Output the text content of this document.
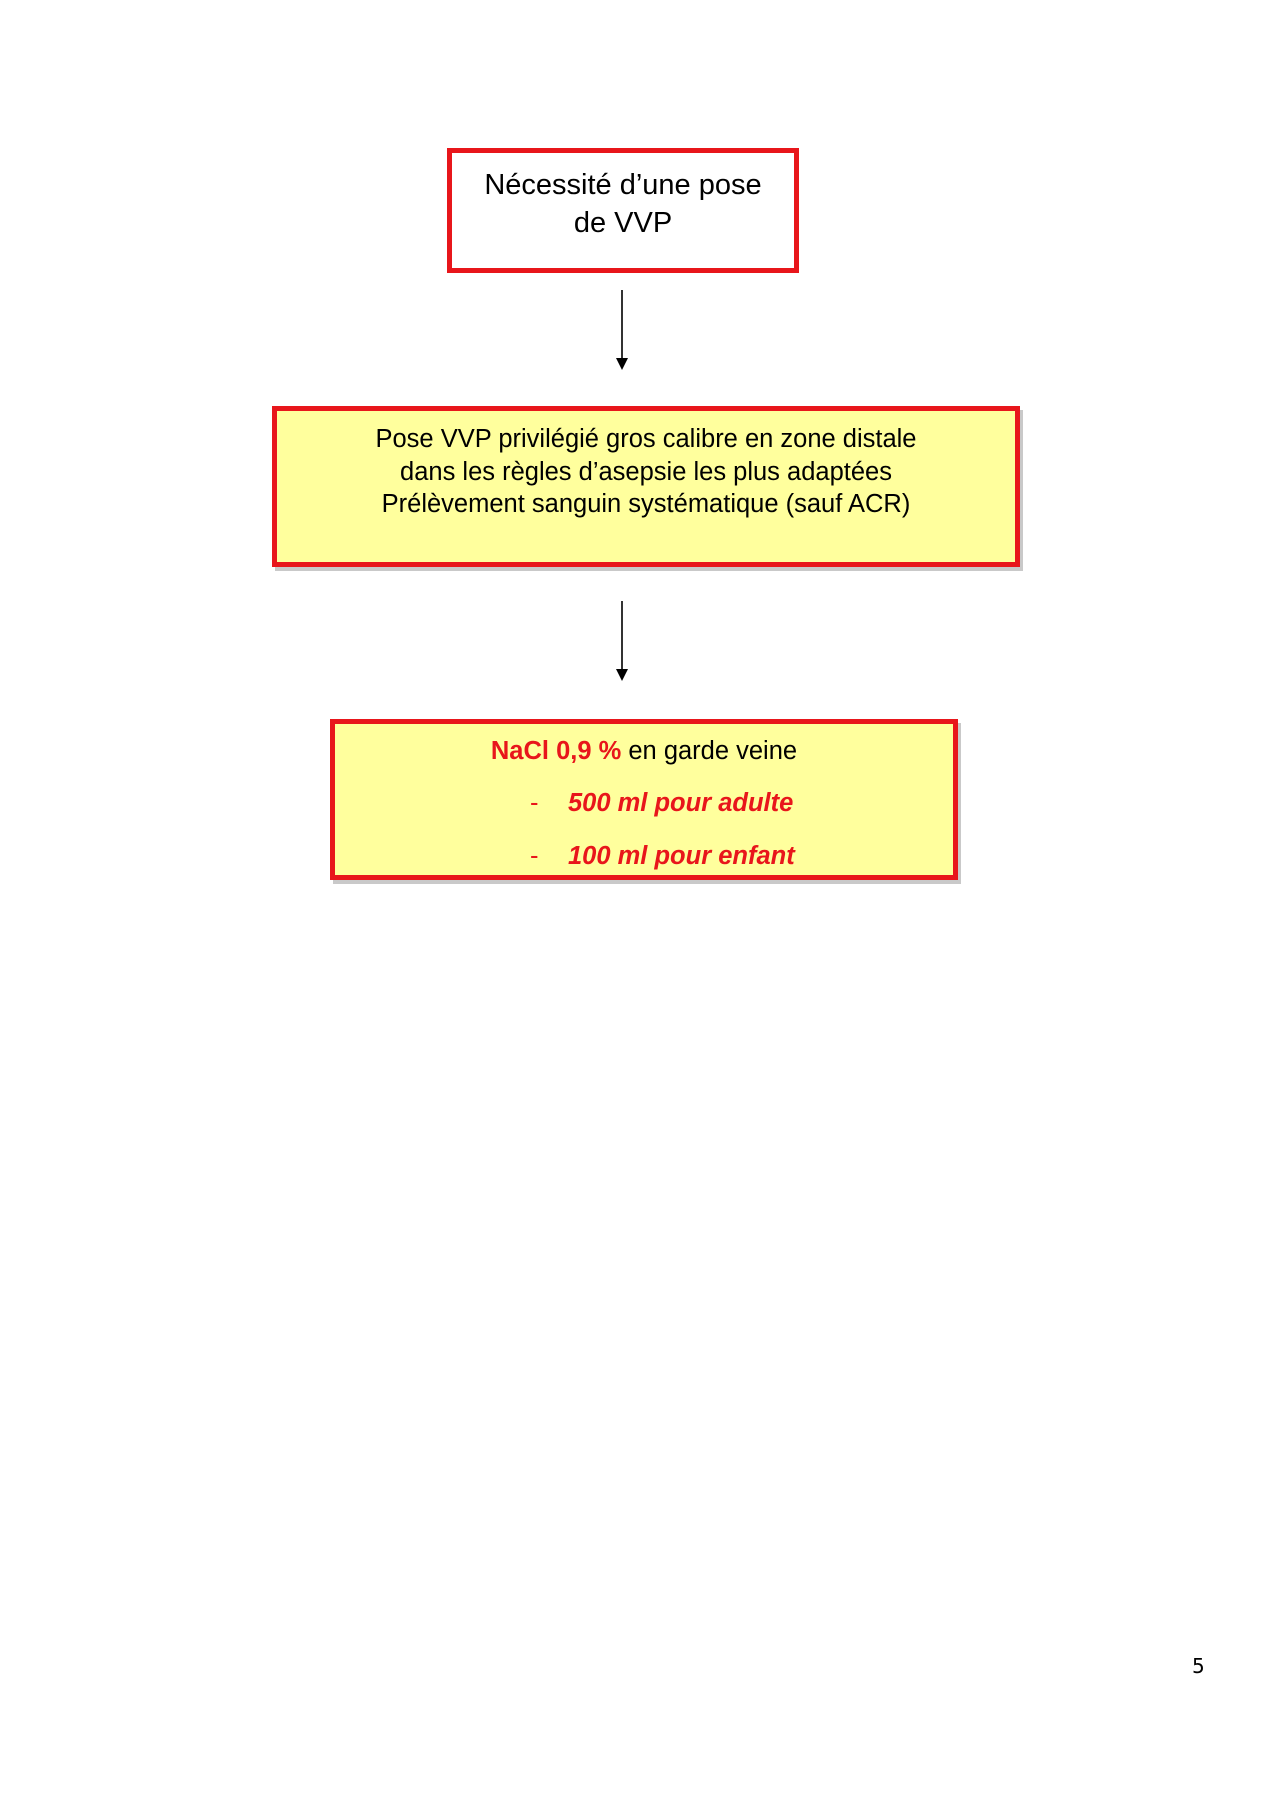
Nécessité d’une pose
de VVP
Pose VVP privilégié gros calibre en zone distale
dans les règles d’asepsie les plus adaptées
Prélèvement sanguin systématique (sauf ACR)
NaCl 0,9 % en garde veine
- 500 ml pour adulte
- 100 ml pour enfant
5
